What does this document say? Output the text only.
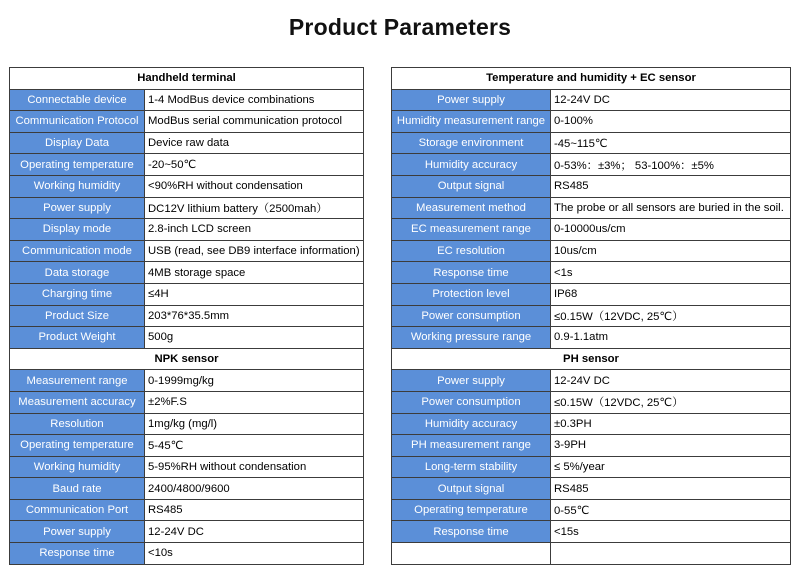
Product Parameters
Handheld terminal	
Connectable device	1-4 ModBus device combinations
Communication Protocol	ModBus serial communication protocol
Display Data	Device raw data
Operating temperature	-20~50℃
Working humidity	<90%RH without condensation
Power supply	DC12V lithium battery（2500mah）
Display mode	2.8-inch LCD screen
Communication mode	USB (read, see DB9 interface information)
Data storage	4MB storage space
Charging time	≤4H
Product Size	203*76*35.5mm
Product Weight	500g
NPK sensor	
Measurement range	0-1999mg/kg
Measurement accuracy	±2%F.S
Resolution	1mg/kg (mg/l)
Operating temperature	5-45℃
Working humidity	5-95%RH without condensation
Baud rate	2400/4800/9600
Communication Port	RS485
Power supply	12-24V DC
Response time	<10s
Temperature and humidity + EC sensor	
Power supply	12-24V DC
Humidity measurement range	0-100%
Storage environment	-45~115℃
Humidity accuracy	0-53%：±3%； 53-100%：±5%
Output signal	RS485
Measurement method	The probe or all sensors are buried in the soil.
EC measurement range	0-10000us/cm
EC resolution	10us/cm
Response time	<1s
Protection level	IP68
Power consumption	≤0.15W（12VDC, 25℃）
Working pressure range	0.9-1.1atm
PH sensor	
Power supply	12-24V DC
Power consumption	≤0.15W（12VDC, 25℃）
Humidity accuracy	±0.3PH
PH measurement range	3-9PH
Long-term stability	≤ 5%/year
Output signal	RS485
Operating temperature	0-55℃
Response time	<15s
